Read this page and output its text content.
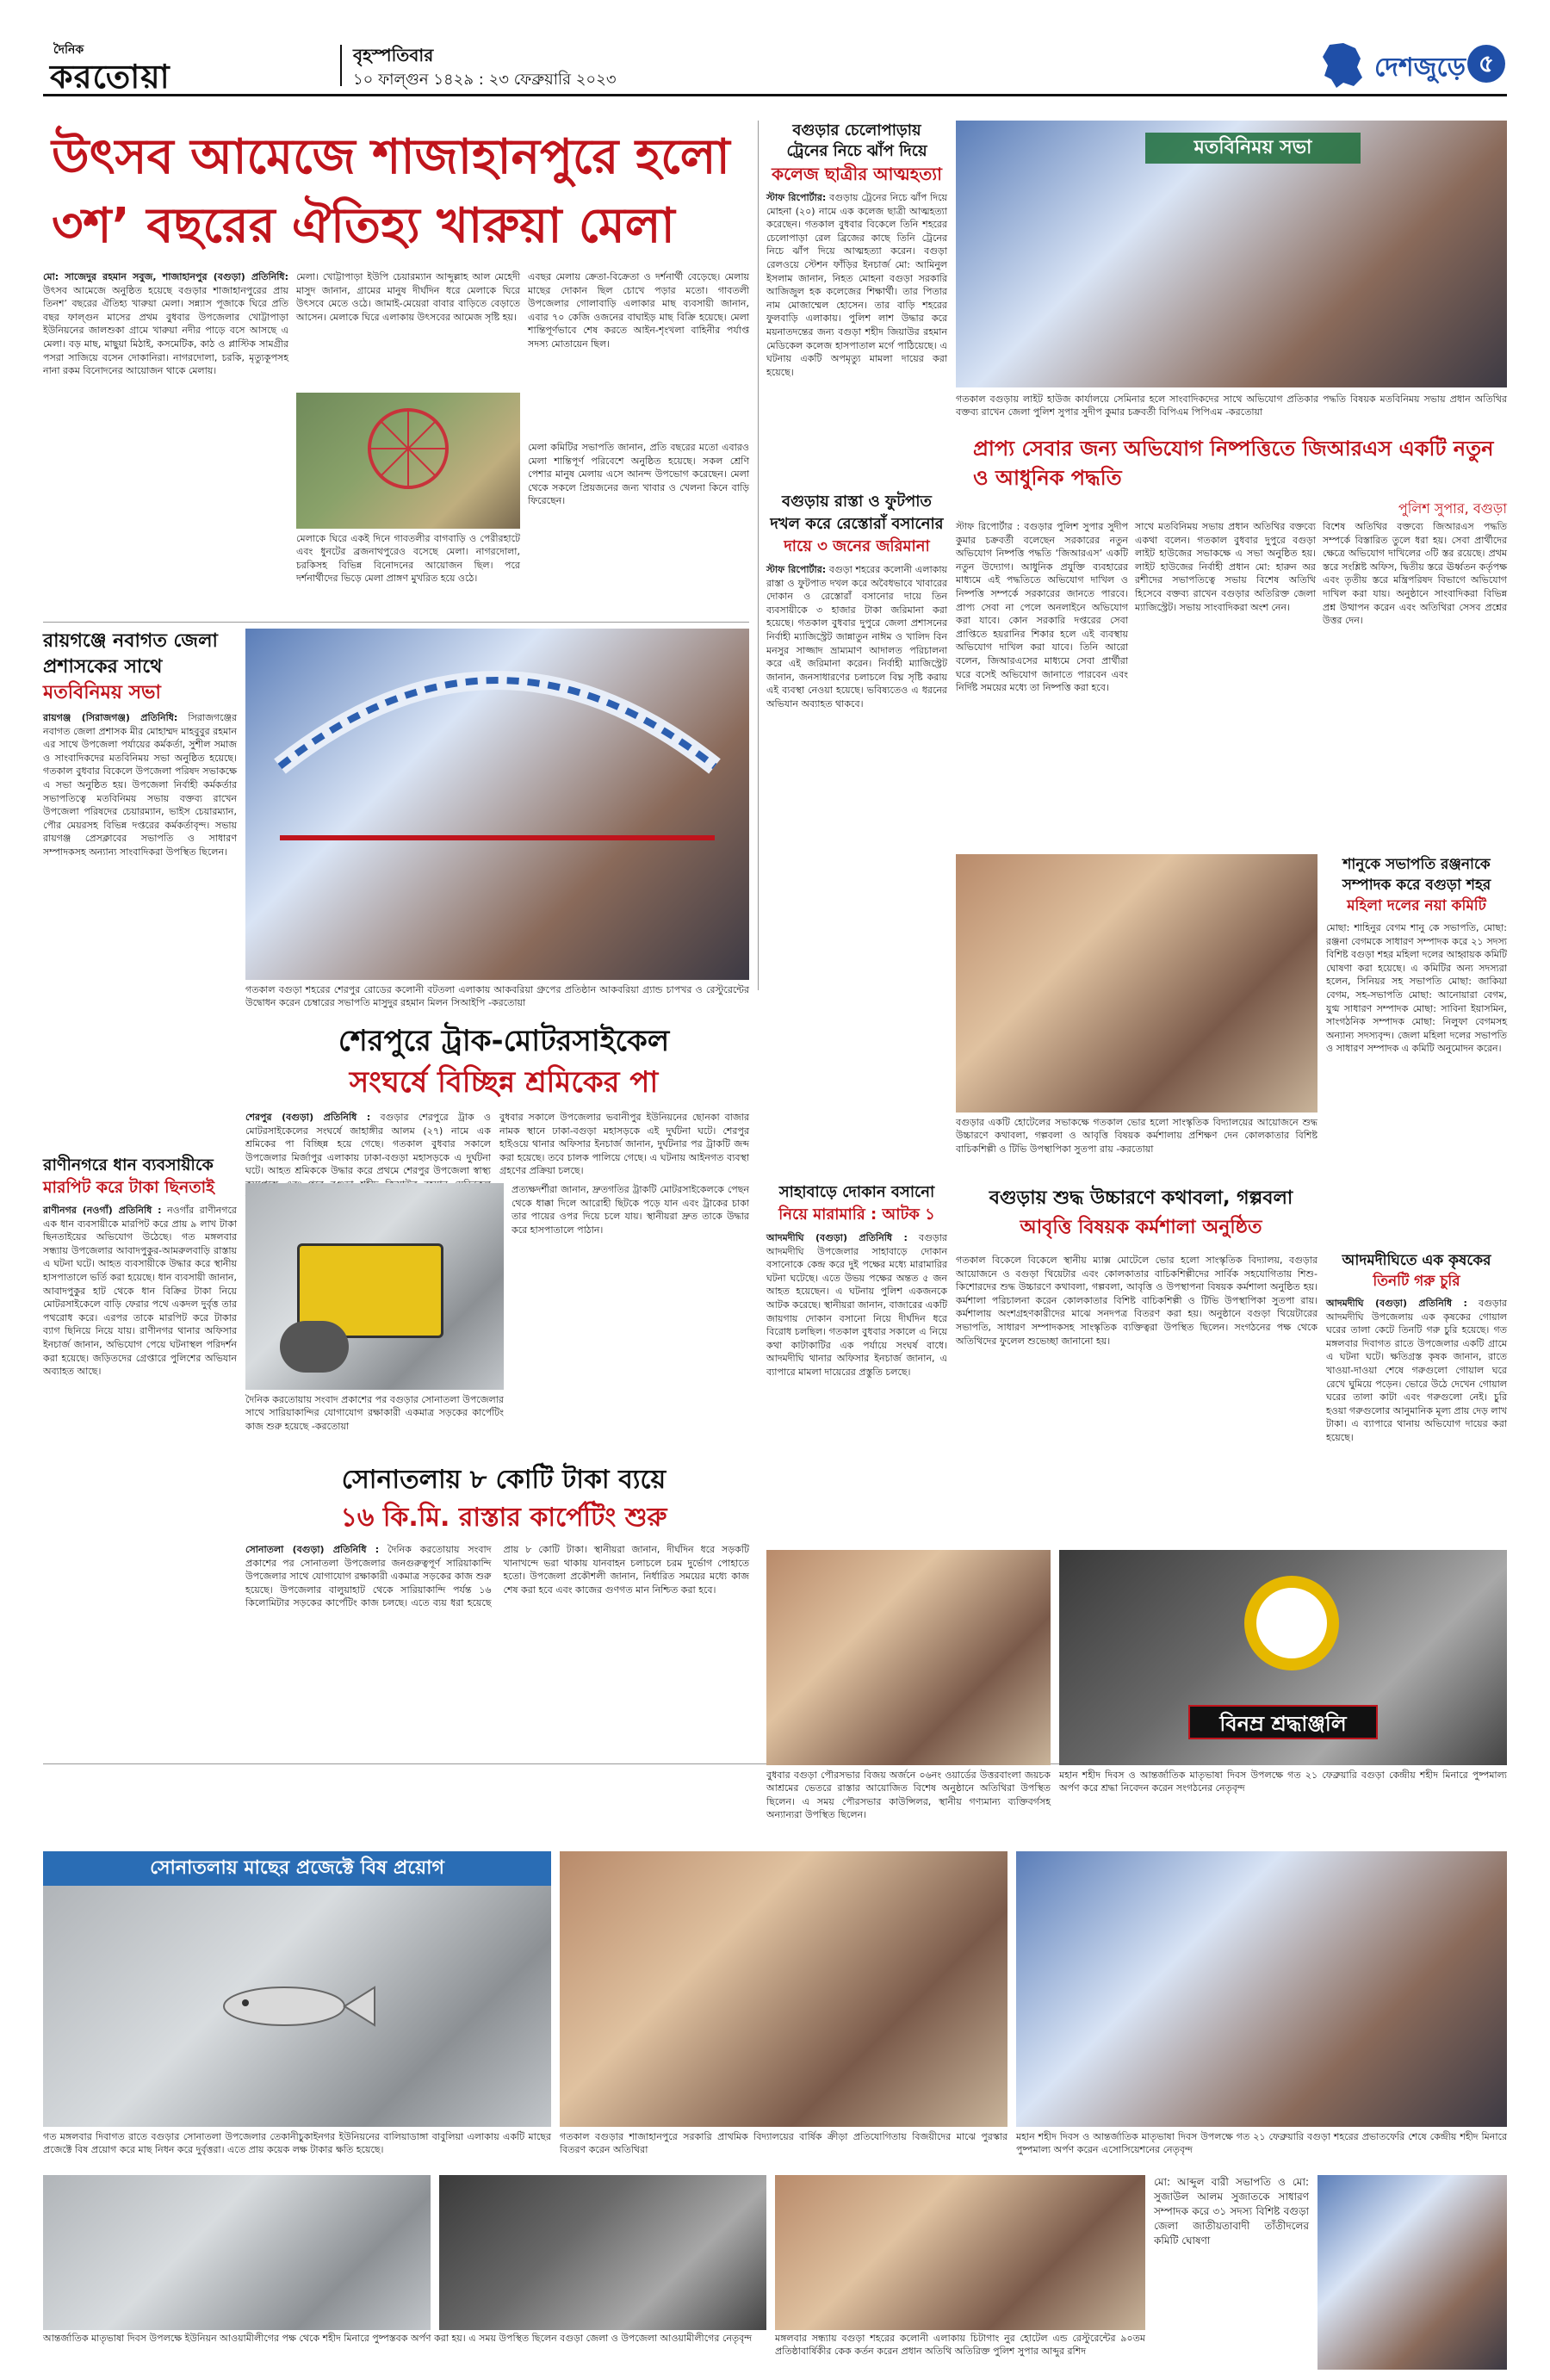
দৈনিক
করতোয়া
বৃহস্পতিবার
১০ ফাল্গুন ১৪২৯ : ২৩ ফেব্রুয়ারি ২০২৩	দেশজুড়ে ৫
উৎসব আমেজে শাজাহানপুরে হলো
৩শ’ বছরের ঐতিহ্য খারুয়া মেলা
মো: সাজেদুর রহমান সবুজ, শাজাহানপুর (বগুড়া) প্রতিনিধি: উৎসব আমেজে অনুষ্ঠিত হয়েছে বগুড়ার শাজাহানপুরের প্রায় তিনশ’ বছরের ঐতিহ্য খারুয়া মেলা। সন্ন্যাস পূজাকে ঘিরে প্রতি বছর ফাল্গুন মাসের প্রথম বুধবার উপজেলার খোট্টাপাড়া ইউনিয়নের জালশুকা গ্রামে খারুয়া নদীর পাড়ে বসে আসছে এ মেলা। বড় মাছ, মাছুয়া মিঠাই, কসমেটিক, কাঠ ও প্লাস্টিক সামগ্রীর পসরা সাজিয়ে বসেন দোকানিরা। নাগরদোলা, চরকি, মৃত্যুকূপসহ নানা রকম বিনোদনের আয়োজন থাকে মেলায়।
মেলা। খোট্টাপাড়া ইউপি চেয়ারম্যান আব্দুল্লাহ আল মেহেদী মাসুদ জানান, গ্রামের মানুষ দীর্ঘদিন ধরে মেলাকে ঘিরে উৎসবে মেতে ওঠে। জামাই-মেয়েরা বাবার বাড়িতে বেড়াতে আসেন। মেলাকে ঘিরে এলাকায় উৎসবের আমেজ সৃষ্টি হয়।
মেলাকে ঘিরে একই দিনে গাবতলীর বাগবাড়ি ও পেরীরহাটে এবং ধুনটের ব্রজনাথপুরেও বসেছে মেলা। নাগরদোলা, চরকিসহ বিভিন্ন বিনোদনের আয়োজন ছিল। পরে দর্শনার্থীদের ভিড়ে মেলা প্রাঙ্গণ মুখরিত হয়ে ওঠে।
এবছর মেলায় ক্রেতা-বিক্রেতা ও দর্শনার্থী বেড়েছে। মেলায় মাছের দোকান ছিল চোখে পড়ার মতো। গাবতলী উপজেলার গোলাবাড়ি এলাকার মাছ ব্যবসায়ী জানান, এবার ৭০ কেজি ওজনের বাঘাইড় মাছ বিক্রি হয়েছে। মেলা শান্তিপূর্ণভাবে শেষ করতে আইন-শৃংখলা বাহিনীর পর্যাপ্ত সদস্য মোতায়েন ছিল।
মেলা কমিটির সভাপতি জানান, প্রতি বছরের মতো এবারও মেলা শান্তিপূর্ণ পরিবেশে অনুষ্ঠিত হয়েছে। সকল শ্রেণি পেশার মানুষ মেলায় এসে আনন্দ উপভোগ করেছেন। মেলা থেকে সকলে প্রিয়জনের জন্য খাবার ও খেলনা কিনে বাড়ি ফিরেছেন।
বগুড়ার চেলোপাড়ায়
ট্রেনের নিচে ঝাঁপ দিয়ে
কলেজ ছাত্রীর আত্মহত্যা
স্টাফ রিপোর্টার: বগুড়ায় ট্রেনের নিচে ঝাঁপ দিয়ে মোহনা (২০) নামে এক কলেজ ছাত্রী আত্মহত্যা করেছেন। গতকাল বুধবার বিকেলে তিনি শহরের চেলোপাড়া রেল ব্রিজের কাছে তিনি ট্রেনের নিচে ঝাঁপ দিয়ে আত্মহত্যা করেন। বগুড়া রেলওয়ে স্টেশন ফাঁড়ির ইনচার্জ মো: আমিনুল ইসলাম জানান, নিহত মোহনা বগুড়া সরকারি আজিজুল হক কলেজের শিক্ষার্থী। তার পিতার নাম মোজাম্মেল হোসেন। তার বাড়ি শহরের ফুলবাড়ি এলাকায়। পুলিশ লাশ উদ্ধার করে ময়নাতদন্তের জন্য বগুড়া শহীদ জিয়াউর রহমান মেডিকেল কলেজ হাসপাতাল মর্গে পাঠিয়েছে। এ ঘটনায় একটি অপমৃত্যু মামলা দায়ের করা হয়েছে।
মতবিনিময় সভা
গতকাল বগুড়ায় লাইট হাউজ কার্যালয়ে সেমিনার হলে সাংবাদিকদের সাথে অভিযোগ প্রতিকার পদ্ধতি বিষয়ক মতবিনিময় সভায় প্রধান অতিথির বক্তব্য রাখেন জেলা পুলিশ সুপার সুদীপ কুমার চক্রবর্তী বিপিএম পিপিএম -করতোয়া
প্রাপ্য সেবার জন্য অভিযোগ নিষ্পত্তিতে জিআরএস একটি নতুন ও আধুনিক পদ্ধতি
পুলিশ সুপার, বগুড়া
স্টাফ রিপোর্টার : বগুড়ার পুলিশ সুপার সুদীপ কুমার চক্রবর্তী বলেছেন সরকারের নতুন অভিযোগ নিষ্পত্তি পদ্ধতি ‘জিআরএস’ একটি নতুন উদ্যোগ। আধুনিক প্রযুক্তি ব্যবহারের মাধ্যমে এই পদ্ধতিতে অভিযোগ দাখিল ও নিষ্পত্তি সম্পর্কে সরকারের জানতে পারবে। প্রাপ্য সেবা না পেলে অনলাইনে অভিযোগ করা যাবে। কোন সরকারি দপ্তরের সেবা প্রাপ্তিতে হয়রানির শিকার হলে এই ব্যবস্থায় অভিযোগ দাখিল করা যাবে। তিনি আরো বলেন, জিআরএসের মাধ্যমে সেবা প্রার্থীরা ঘরে বসেই অভিযোগ জানাতে পারবেন এবং নির্দিষ্ট সময়ের মধ্যে তা নিষ্পত্তি করা হবে।
সাথে মতবিনিময় সভায় প্রধান অতিথির বক্তব্যে একথা বলেন। গতকাল বুধবার দুপুরে বগুড়া লাইট হাউজের সভাকক্ষে এ সভা অনুষ্ঠিত হয়। লাইট হাউজের নির্বাহী প্রধান মো: হারুন অর রশীদের সভাপতিত্বে সভায় বিশেষ অতিথি হিসেবে বক্তব্য রাখেন বগুড়ার অতিরিক্ত জেলা ম্যাজিস্ট্রেট। সভায় সাংবাদিকরা অংশ নেন।
বিশেষ অতিথির বক্তব্যে জিআরএস পদ্ধতি সম্পর্কে বিস্তারিত তুলে ধরা হয়। সেবা প্রার্থীদের ক্ষেত্রে অভিযোগ দাখিলের ৩টি স্তর রয়েছে। প্রথম স্তরে সংশ্লিষ্ট অফিস, দ্বিতীয় স্তরে ঊর্ধ্বতন কর্তৃপক্ষ এবং তৃতীয় স্তরে মন্ত্রিপরিষদ বিভাগে অভিযোগ দাখিল করা যায়। অনুষ্ঠানে সাংবাদিকরা বিভিন্ন প্রশ্ন উত্থাপন করেন এবং অতিথিরা সেসব প্রশ্নের উত্তর দেন।
রায়গঞ্জে নবাগত জেলা
প্রশাসকের সাথে
মতবিনিময় সভা
রায়গঞ্জ (সিরাজগঞ্জ) প্রতিনিধি: সিরাজগঞ্জের নবাগত জেলা প্রশাসক মীর মোহাম্মদ মাহবুবুর রহমান এর সাথে উপজেলা পর্যায়ের কর্মকর্তা, সুশীল সমাজ ও সাংবাদিকদের মতবিনিময় সভা অনুষ্ঠিত হয়েছে। গতকাল বুধবার বিকেলে উপজেলা পরিষদ সভাকক্ষে এ সভা অনুষ্ঠিত হয়। উপজেলা নির্বাহী কর্মকর্তার সভাপতিত্বে মতবিনিময় সভায় বক্তব্য রাখেন উপজেলা পরিষদের চেয়ারম্যান, ভাইস চেয়ারম্যান, পৌর মেয়রসহ বিভিন্ন দপ্তরের কর্মকর্তাবৃন্দ। সভায় রায়গঞ্জ প্রেসক্লাবের সভাপতি ও সাধারণ সম্পাদকসহ অন্যান্য সাংবাদিকরা উপস্থিত ছিলেন।
গতকাল বগুড়া শহরের শেরপুর রোডের কলোনী বটতলা এলাকায় আকবরিয়া গ্রুপের প্রতিষ্ঠান আকবরিয়া গ্র্যান্ড চাপখর ও রেস্টুরেন্টের উদ্বোধন করেন চেম্বারের সভাপতি মাসুদুর রহমান মিলন সিআইপি -করতোয়া
বগুড়ায় রাস্তা ও ফুটপাত
দখল করে রেস্তোরাঁ বসানোর
দায়ে ৩ জনের জরিমানা
স্টাফ রিপোর্টার: বগুড়া শহরের কলোনী এলাকায় রাস্তা ও ফুটপাত দখল করে অবৈধভাবে খাবারের দোকান ও রেস্তোরাঁ বসানোর দায়ে তিন ব্যবসায়ীকে ৩ হাজার টাকা জরিমানা করা হয়েছে। গতকাল বুধবার দুপুরে জেলা প্রশাসনের নির্বাহী ম্যাজিস্ট্রেট জান্নাতুন নাঈম ও খালিদ বিন মনসুর সাজ্জাদ ভ্রাম্যমাণ আদালত পরিচালনা করে এই জরিমানা করেন। নির্বাহী ম্যাজিস্ট্রেট জানান, জনসাধারণের চলাচলে বিঘ্ন সৃষ্টি করায় এই ব্যবস্থা নেওয়া হয়েছে। ভবিষ্যতেও এ ধরনের অভিযান অব্যাহত থাকবে।
বগুড়ার একটি হোটেলের সভাকক্ষে গতকাল ভোর হলো সাংস্কৃতিক বিদ্যালয়ের আয়োজনে শুদ্ধ উচ্চারণে কথাবলা, গল্পবলা ও আবৃত্তি বিষয়ক কর্মশালায় প্রশিক্ষণ দেন কোলকাতার বিশিষ্ট বাচিকশিল্পী ও টিভি উপস্থাপিকা সুতপা রায় -করতোয়া
শানুকে সভাপতি রঞ্জনাকে
সম্পাদক করে বগুড়া শহর
মহিলা দলের নয়া কমিটি
মোছা: শাহিনুর বেগম শানু কে সভাপতি, মোছা: রঞ্জনা বেগমকে সাধারণ সম্পাদক করে ২১ সদস্য বিশিষ্ট বগুড়া শহর মহিলা দলের আহ্বায়ক কমিটি ঘোষণা করা হয়েছে। এ কমিটির অন্য সদস্যরা হলেন, সিনিয়র সহ সভাপতি মোছা: জাকিয়া বেগম, সহ-সভাপতি মোছা: আনোয়ারা বেগম, যুগ্ম সাধারণ সম্পাদক মোছা: সাবিনা ইয়াসমিন, সাংগঠনিক সম্পাদক মোছা: নিলুফা বেগমসহ অন্যান্য সদস্যবৃন্দ। জেলা মহিলা দলের সভাপতি ও সাধারণ সম্পাদক এ কমিটি অনুমোদন করেন।
রাণীনগরে ধান ব্যবসায়ীকে
মারপিট করে টাকা ছিনতাই
রাণীনগর (নওগাঁ) প্রতিনিধি : নওগাঁর রাণীনগরে এক ধান ব্যবসায়ীকে মারপিট করে প্রায় ৯ লাখ টাকা ছিনতাইয়ের অভিযোগ উঠেছে। গত মঙ্গলবার সন্ধ্যায় উপজেলার আবাদপুকুর-আমরুলবাড়ি রাস্তায় এ ঘটনা ঘটে। আহত ব্যবসায়ীকে উদ্ধার করে স্থানীয় হাসপাতালে ভর্তি করা হয়েছে। ধান ব্যবসায়ী জানান, আবাদপুকুর হাট থেকে ধান বিক্রির টাকা নিয়ে মোটরসাইকেলে বাড়ি ফেরার পথে একদল দুর্বৃত্ত তার পথরোধ করে। এরপর তাকে মারপিট করে টাকার ব্যাগ ছিনিয়ে নিয়ে যায়। রাণীনগর থানার অফিসার ইনচার্জ জানান, অভিযোগ পেয়ে ঘটনাস্থল পরিদর্শন করা হয়েছে। জড়িতদের গ্রেপ্তারে পুলিশের অভিযান অব্যাহত আছে।
শেরপুরে ট্রাক-মোটরসাইকেল
সংঘর্ষে বিচ্ছিন্ন শ্রমিকের পা
শেরপুর (বগুড়া) প্রতিনিধি : বগুড়ার শেরপুরে ট্রাক ও মোটরসাইকেলের সংঘর্ষে জাহাঙ্গীর আলম (২৭) নামে এক শ্রমিকের পা বিচ্ছিন্ন হয়ে গেছে। গতকাল বুধবার সকালে উপজেলার মির্জাপুর এলাকায় ঢাকা-বগুড়া মহাসড়কে এ দুর্ঘটনা ঘটে। আহত শ্রমিককে উদ্ধার করে প্রথমে শেরপুর উপজেলা স্বাস্থ্য
বুধবার সকালে উপজেলার ভবানীপুর ইউনিয়নের ছোনকা বাজার নামক স্থানে ঢাকা-বগুড়া মহাসড়কে এই দুর্ঘটনা ঘটে। শেরপুর হাইওয়ে থানার অফিসার ইনচার্জ জানান, দুর্ঘটনার পর ট্রাকটি জব্দ করা হয়েছে। তবে চালক পালিয়ে গেছে। এ ঘটনায় আইনগত ব্যবস্থা গ্রহণের প্রক্রিয়া চলছে।
দৈনিক করতোয়ায় সংবাদ প্রকাশের পর বগুড়ার সোনাতলা উপজেলার সাথে সারিয়াকান্দির যোগাযোগ রক্ষাকারী একমাত্র সড়কের কার্পেটিং কাজ শুরু হয়েছে -করতোয়া
প্রত্যক্ষদর্শীরা জানান, দ্রুতগতির ট্রাকটি মোটরসাইকেলকে পেছন থেকে ধাক্কা দিলে আরোহী ছিটকে পড়ে যান এবং ট্রাকের চাকা তার পায়ের ওপর দিয়ে চলে যায়। স্থানীয়রা দ্রুত তাকে উদ্ধার করে হাসপাতালে পাঠান।
সাহাবাড়ে দোকান বসানো
নিয়ে মারামারি : আটক ১
আদমদীঘি (বগুড়া) প্রতিনিধি : বগুড়ার আদমদীঘি উপজেলার সাহাবাড়ে দোকান বসানোকে কেন্দ্র করে দুই পক্ষের মধ্যে মারামারির ঘটনা ঘটেছে। এতে উভয় পক্ষের অন্তত ৫ জন আহত হয়েছেন। এ ঘটনায় পুলিশ একজনকে আটক করেছে। স্থানীয়রা জানান, বাজারের একটি জায়গায় দোকান বসানো নিয়ে দীর্ঘদিন ধরে বিরোধ চলছিল। গতকাল বুধবার সকালে এ নিয়ে কথা কাটাকাটির এক পর্যায়ে সংঘর্ষ বাধে। আদমদীঘি থানার অফিসার ইনচার্জ জানান, এ ব্যাপারে মামলা দায়েরের প্রস্তুতি চলছে।
বগুড়ায় শুদ্ধ উচ্চারণে কথাবলা, গল্পবলা
আবৃত্তি বিষয়ক কর্মশালা অনুষ্ঠিত
গতকাল বিকেলে বিকেলে স্থানীয় ম্যাক্স মোটেলে ভোর হলো সাংস্কৃতিক বিদ্যালয়, বগুড়ার আয়োজনে ও বগুড়া থিয়েটার এবং কোলকাতার বাচিকশিল্পীদের সার্বিক সহযোগিতায় শিশু-কিশোরদের শুদ্ধ উচ্চারণে কথাবলা, গল্পবলা, আবৃত্তি ও উপস্থাপনা বিষয়ক কর্মশালা অনুষ্ঠিত হয়। কর্মশালা পরিচালনা করেন কোলকাতার বিশিষ্ট বাচিকশিল্পী ও টিভি উপস্থাপিকা সুতপা রায়। কর্মশালায় অংশগ্রহণকারীদের মাঝে সনদপত্র বিতরণ করা হয়। অনুষ্ঠানে বগুড়া থিয়েটারের সভাপতি, সাধারণ সম্পাদকসহ সাংস্কৃতিক ব্যক্তিত্বরা উপস্থিত ছিলেন। সংগঠনের পক্ষ থেকে অতিথিদের ফুলেল শুভেচ্ছা জানানো হয়।
আদমদীঘিতে এক কৃষকের
তিনটি গরু চুরি
আদমদীঘি (বগুড়া) প্রতিনিধি : বগুড়ার আদমদীঘি উপজেলায় এক কৃষকের গোয়াল ঘরের তালা কেটে তিনটি গরু চুরি হয়েছে। গত মঙ্গলবার দিবাগত রাতে উপজেলার একটি গ্রামে এ ঘটনা ঘটে। ক্ষতিগ্রস্ত কৃষক জানান, রাতে খাওয়া-দাওয়া শেষে গরুগুলো গোয়াল ঘরে রেখে ঘুমিয়ে পড়েন। ভোরে উঠে দেখেন গোয়াল ঘরের তালা কাটা এবং গরুগুলো নেই। চুরি হওয়া গরুগুলোর আনুমানিক মূল্য প্রায় দেড় লাখ টাকা। এ ব্যাপারে থানায় অভিযোগ দায়ের করা হয়েছে।
সোনাতলায় ৮ কোটি টাকা ব্যয়ে
১৬ কি.মি. রাস্তার কার্পেটিং শুরু
সোনাতলা (বগুড়া) প্রতিনিধি : দৈনিক করতোয়ায় সংবাদ প্রকাশের পর সোনাতলা উপজেলার জনগুরুত্বপূর্ণ সারিয়াকান্দি উপজেলার সাথে যোগাযোগ রক্ষাকারী একমাত্র সড়কের কাজ শুরু হয়েছে। উপজেলার বালুয়াহাট থেকে সারিয়াকান্দি পর্যন্ত ১৬ কিলোমিটার সড়কের কার্পেটিং কাজ চলছে। এতে ব্যয় ধরা হয়েছে প্রায় ৮ কোটি টাকা। স্থানীয়রা জানান, দীর্ঘদিন ধরে সড়কটি খানাখন্দে ভরা থাকায় যানবাহন চলাচলে চরম দুর্ভোগ পোহাতে হতো। উপজেলা প্রকৌশলী জানান, নির্ধারিত সময়ের মধ্যে কাজ শেষ করা হবে এবং কাজের গুণগত মান নিশ্চিত করা হবে।
বুধবার বগুড়া পৌরসভার বিজয় অর্জনে ০৬নং ওয়ার্ডের উত্তরবাংলা জয়চক আশ্রমের ভেতরে রাস্তার আয়োজিত বিশেষ অনুষ্ঠানে অতিথিরা উপস্থিত ছিলেন। এ সময় পৌরসভার কাউন্সিলর, স্থানীয় গণ্যমান্য ব্যক্তিবর্গসহ অন্যান্যরা উপস্থিত ছিলেন।
বিনম্র শ্রদ্ধাঞ্জলি
মহান শহীদ দিবস ও আন্তর্জাতিক মাতৃভাষা দিবস উপলক্ষে গত ২১ ফেব্রুয়ারি বগুড়া কেন্দ্রীয় শহীদ মিনারে পুষ্পমাল্য অর্পণ করে শ্রদ্ধা নিবেদন করেন সংগঠনের নেতৃবৃন্দ
সোনাতলায় মাছের প্রজেক্টে বিষ প্রয়োগ
গত মঙ্গলবার দিবাগত রাতে বগুড়ার সোনাতলা উপজেলার তেকানীচুকাইনগর ইউনিয়নের বালিয়াডাঙ্গা বাবুলিয়া এলাকায় একটি মাছের প্রজেক্টে বিষ প্রয়োগ করে মাছ নিধন করে দুর্বৃত্তরা। এতে প্রায় কয়েক লক্ষ টাকার ক্ষতি হয়েছে।
গতকাল বগুড়ার শাজাহানপুরে সরকারি প্রাথমিক বিদ্যালয়ের বার্ষিক ক্রীড়া প্রতিযোগিতায় বিজয়ীদের মাঝে পুরস্কার বিতরণ করেন অতিথিরা
মহান শহীদ দিবস ও আন্তর্জাতিক মাতৃভাষা দিবস উপলক্ষে গত ২১ ফেব্রুয়ারি বগুড়া শহরের প্রভাতফেরি শেষে কেন্দ্রীয় শহীদ মিনারে পুষ্পমাল্য অর্পণ করেন এসোসিয়েশনের নেতৃবৃন্দ
আন্তর্জাতিক মাতৃভাষা দিবস উপলক্ষে ইউনিয়ন আওয়ামীলীগের পক্ষ থেকে শহীদ মিনারে পুষ্পস্তবক অর্পণ করা হয়। এ সময় উপস্থিত ছিলেন বগুড়া জেলা ও উপজেলা আওয়ামীলীগের নেতৃবৃন্দ	মঙ্গলবার সন্ধ্যায় বগুড়া শহরের কলোনী এলাকায় চিটাগাং নুর হোটেল এন্ড রেস্টুরেন্টের ৯০তম প্রতিষ্ঠাবার্ষিকীর কেক কর্তন করেন প্রধান অতিথি অতিরিক্ত পুলিশ সুপার আব্দুর রশিদ
মো: আব্দুল বারী সভাপতি ও মো: সুজাউল আলম সুজাতকে সাধারণ সম্পাদক করে ৩১ সদস্য বিশিষ্ট বগুড়া জেলা জাতীয়তাবাদী তাঁতীদলের কমিটি ঘোষণা
